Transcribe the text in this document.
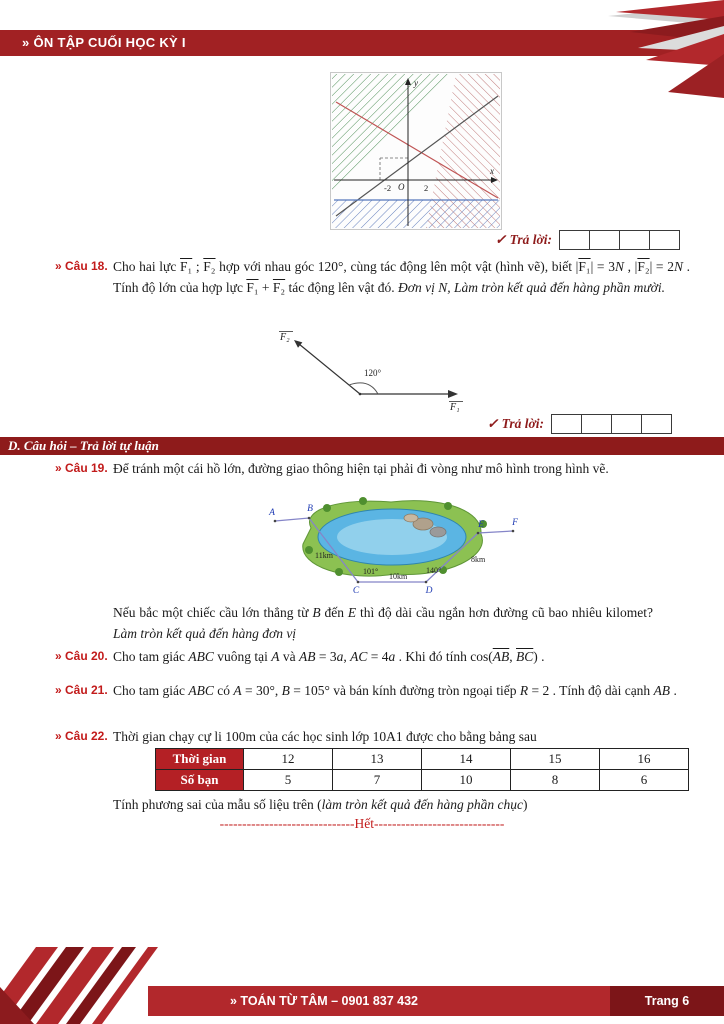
» ÔN TẬP CUỐI HỌC KỲ I
x
y
O 2
-2
✓ Trả lời:
» Câu 18. Cho hai lực F₁ ; F₂ hợp với nhau góc 120°, cùng tác động lên một vật (hình vẽ), biết |F₁| = 3N , |F₂| = 2N . Tính độ lớn của hợp lực F₁ + F₂ tác động lên vật đó. Đơn vị N, Làm tròn kết quả đến hàng phần mười.
120°
F₂
F₁
✓ Trả lời:
D. Câu hỏi – Trả lời tự luận
» Câu 19. Để tránh một cái hồ lớn, đường giao thông hiện tại phải đi vòng như mô hình trong hình vẽ.
A	B
C	D
E	F
11km
101°
10km
140°
8km
Nếu bắc một chiếc cầu lớn thẳng từ B đến E thì độ dài cầu ngắn hơn đường cũ bao nhiêu kilomet? Làm tròn kết quả đến hàng đơn vị
» Câu 20. Cho tam giác ABC vuông tại A và AB = 3a, AC = 4a . Khi đó tính $\cos(\overline{AB}$, $\overline{BC}$) .
» Câu 21. Cho tam giác ABC có A = 30°, B = 105° và bán kính đường tròn ngoại tiếp R = 2 . Tính độ dài cạnh AB .
» Câu 22. Thời gian chạy cự li 100m của các học sinh lớp 10A1 được cho bằng bảng sau
Thời gian	12	13	14	15	16
Số bạn	5	7	10	8	6
Tính phương sai của mẫu số liệu trên (làm tròn kết quả đến hàng phần chục)
------------------------------Hết-----------------------------
» TOÁN TỪ TÂM – 0901 837 432	Trang 6
